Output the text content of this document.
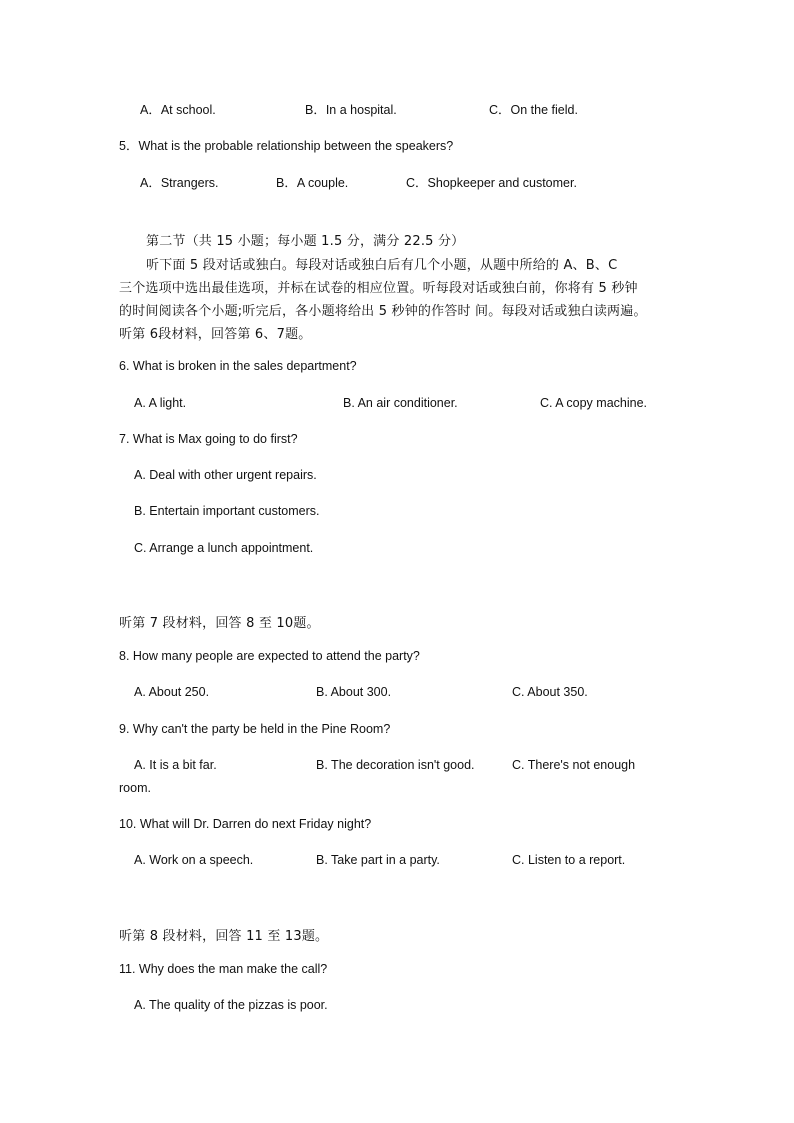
A．At school.	B．In a hospital.	C．On the field.
5．What is the probable relationship between the speakers?
A．Strangers.	B．A couple.	C．Shopkeeper and customer.
第二节（共 15 小题；每小题 1.5 分，满分 22.5 分）
听下面 5 段对话或独白。每段对话或独白后有几个小题，从题中所给的 A、B、C
三个选项中选出最佳选项，并标在试卷的相应位置。听每段对话或独白前，你将有 5 秒钟
的时间阅读各个小题;听完后，各小题将给出 5 秒钟的作答时 间。每段对话或独白读两遍。
听第 6段材料，回答第 6、7题。
6. What is broken in the sales department?
A. A light.	B. An air conditioner.	C. A copy machine.
7. What is Max going to do first?
A. Deal with other urgent repairs.
B. Entertain important customers.
C. Arrange a lunch appointment.
听第 7 段材料，回答 8 至 10题。
8. How many people are expected to attend the party?
A. About 250.	B. About 300.	C. About 350.
9. Why can't the party be held in the Pine Room?
A. It is a bit far.	B. The decoration isn't good.	C. There's not enough
room.
10. What will Dr. Darren do next Friday night?
A. Work on a speech.	B. Take part in a party.	C. Listen to a report.
听第 8 段材料，回答 11 至 13题。
11. Why does the man make the call?
A. The quality of the pizzas is poor.
